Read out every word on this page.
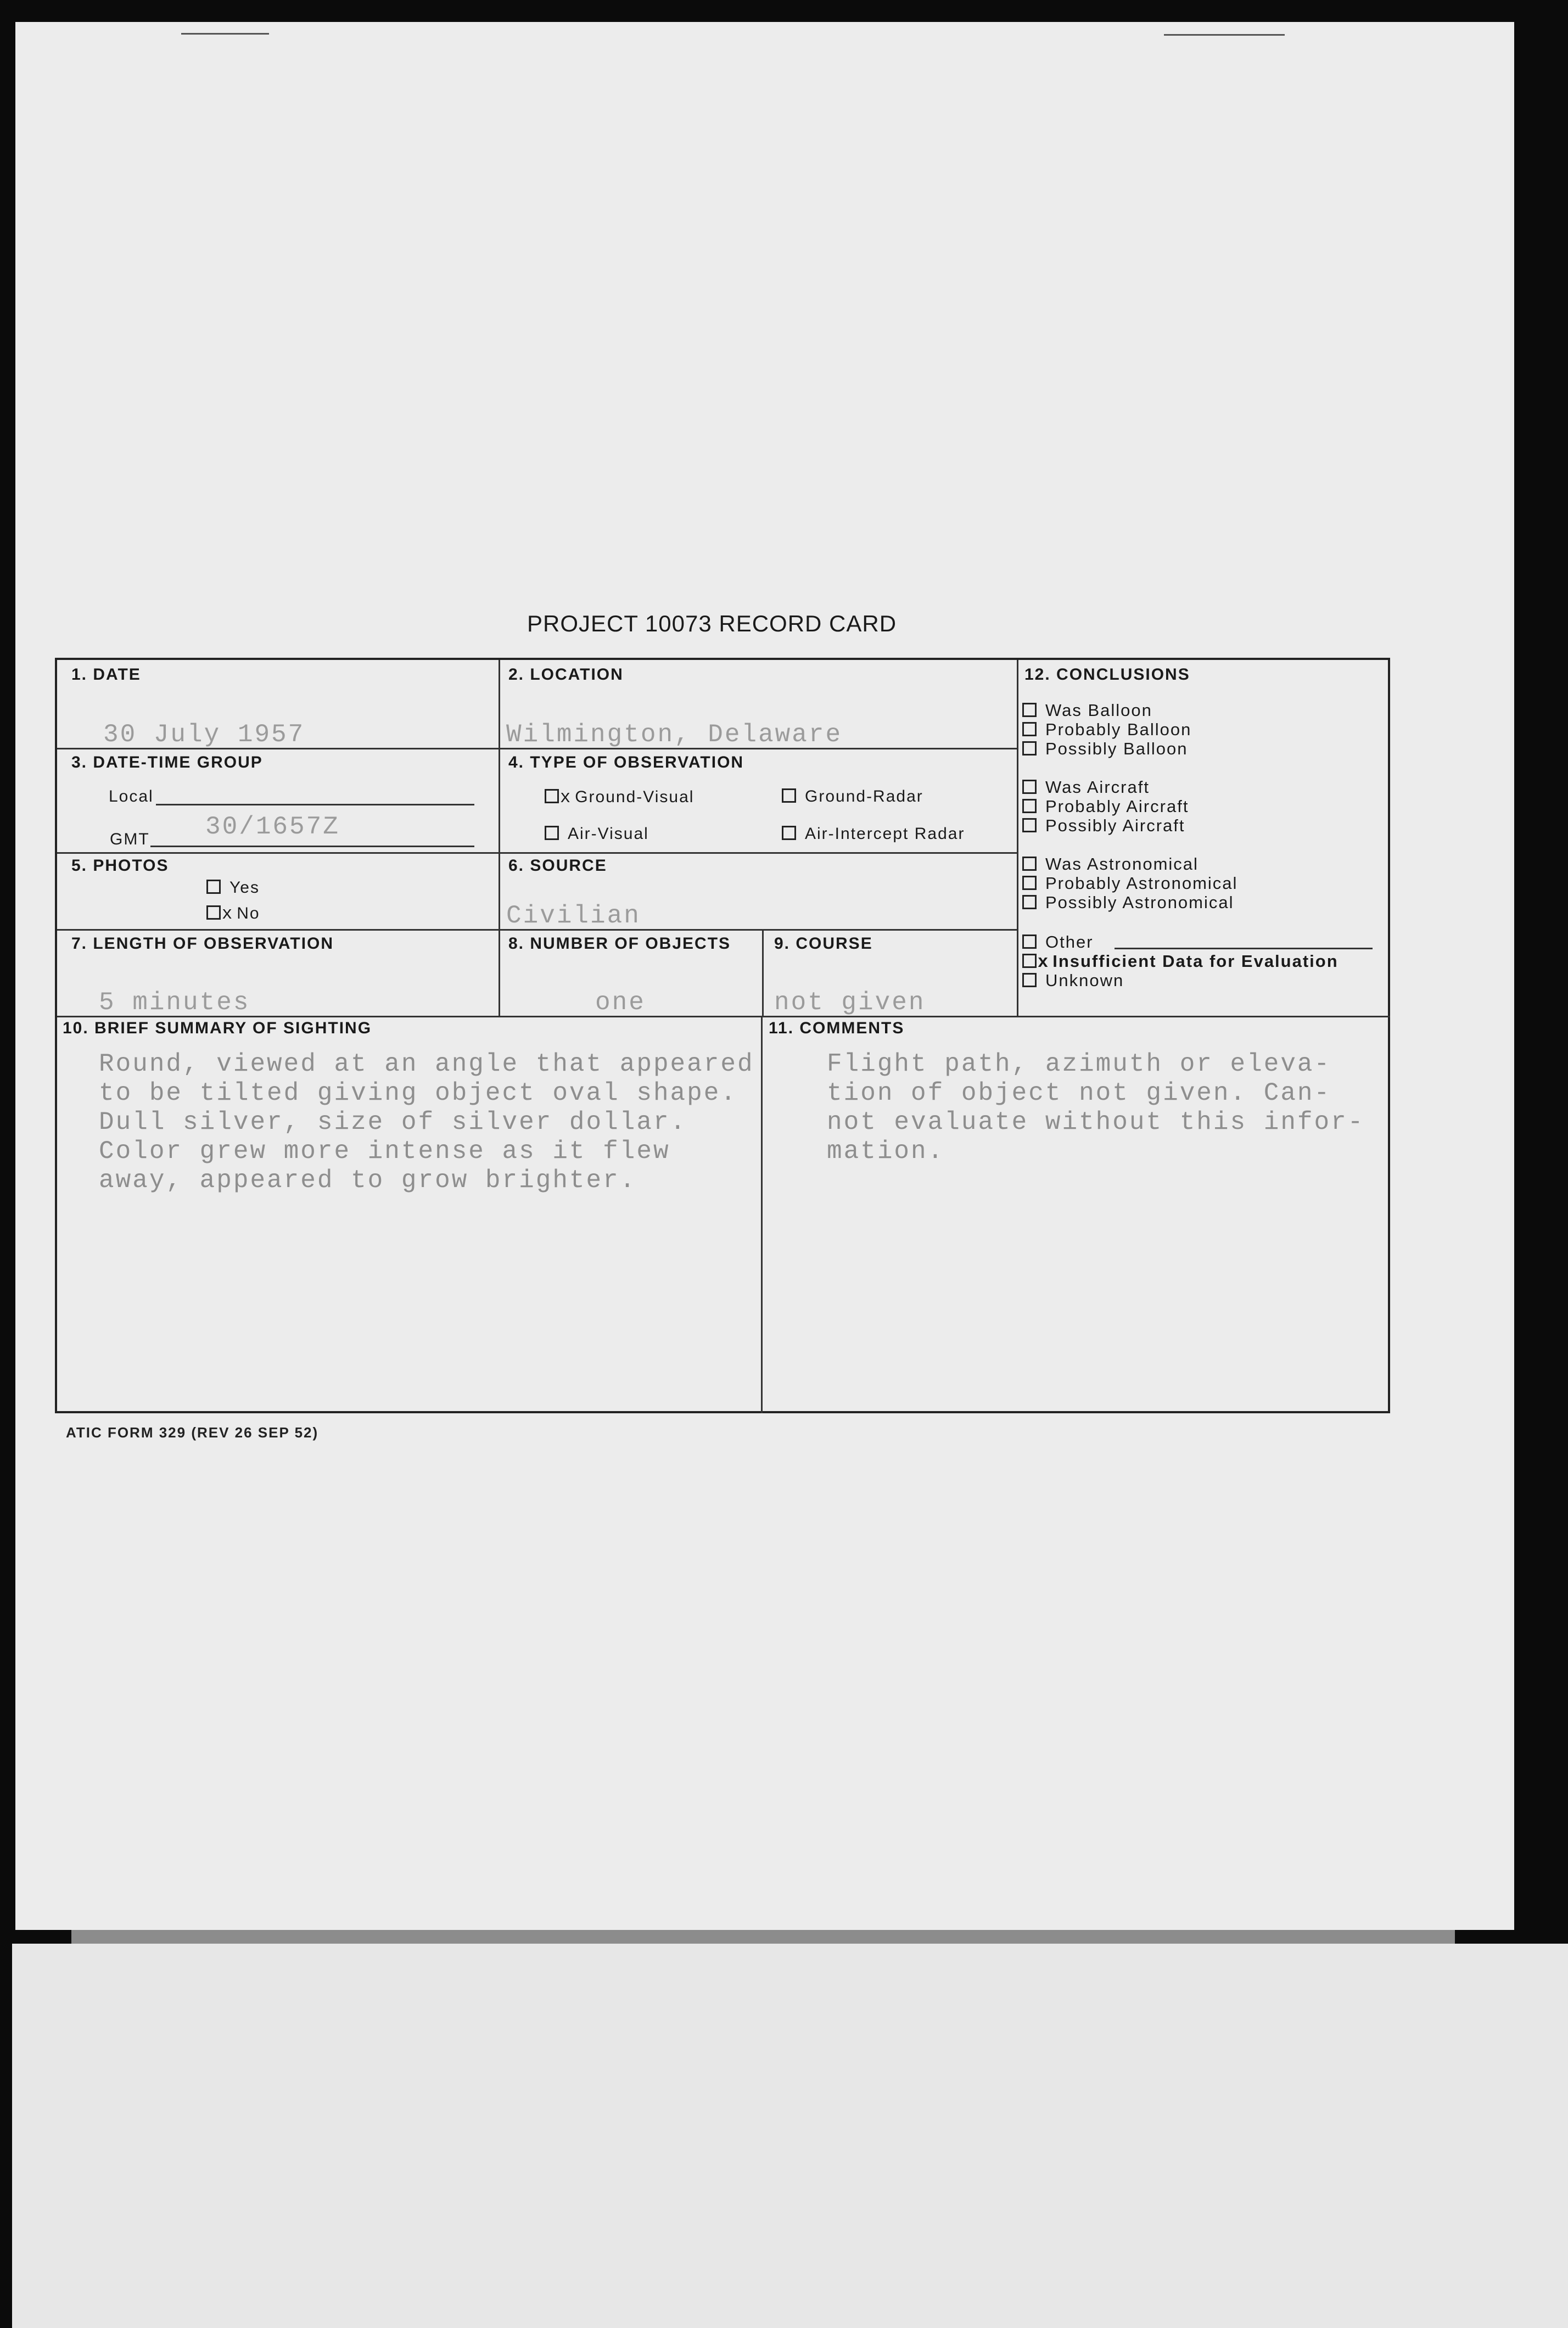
PROJECT 10073 RECORD CARD
1. DATE
30 July 1957
2. LOCATION
Wilmington, Delaware
3. DATE-TIME GROUP
Local
GMT 30/1657Z
4. TYPE OF OBSERVATION
x Ground-Visual	Ground-Radar
Air-Visual	Air-Intercept Radar
5. PHOTOS
Yes
x No
6. SOURCE
Civilian
7. LENGTH OF OBSERVATION
5 minutes
8. NUMBER OF OBJECTS
one
9. COURSE
not given
10. BRIEF SUMMARY OF SIGHTING
Round, viewed at an angle that appeared
to be tilted giving object oval shape.
Dull silver, size of silver dollar.
Color grew more intense as it flew
away, appeared to grow brighter.
11. COMMENTS
Flight path, azimuth or eleva-
tion of object not given. Can-
not evaluate without this infor-
mation.
12. CONCLUSIONS
Was Balloon
Probably Balloon
Possibly Balloon
Was Aircraft
Probably Aircraft
Possibly Aircraft
Was Astronomical
Probably Astronomical
Possibly Astronomical
Other
x Insufficient Data for Evaluation
Unknown
ATIC FORM 329 (REV 26 SEP 52)
